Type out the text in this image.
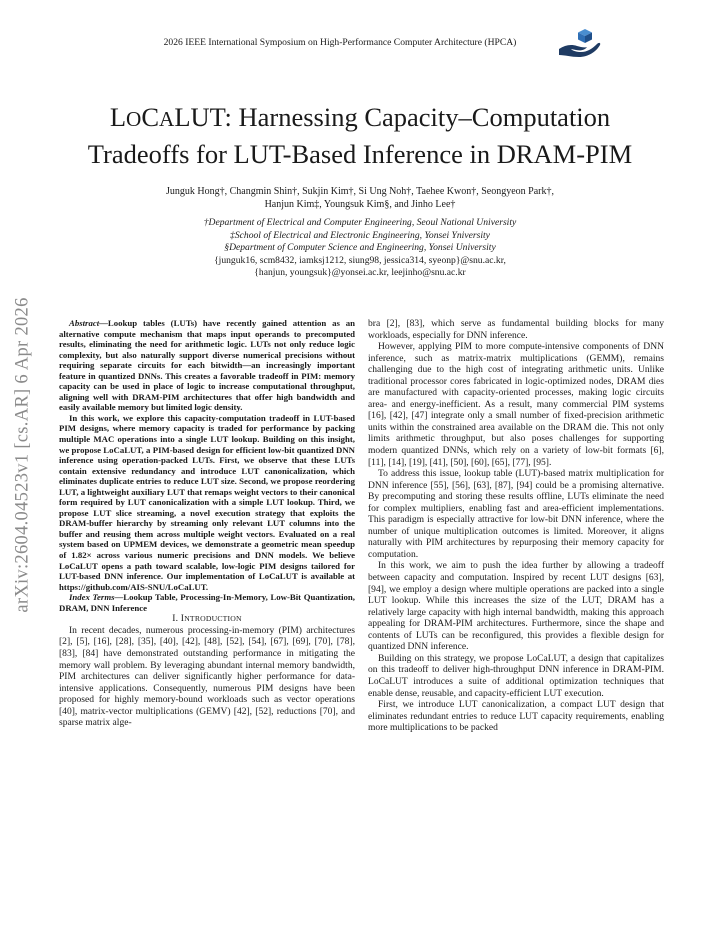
2026 IEEE International Symposium on High-Performance Computer Architecture (HPCA)
LOCALUT: Harnessing Capacity–Computation
Tradeoffs for LUT-Based Inference in DRAM-PIM
Junguk Hong†, Changmin Shin†, Sukjin Kim†, Si Ung Noh†, Taehee Kwon†, Seongyeon Park†,
Hanjun Kim‡, Youngsuk Kim§, and Jinho Lee†
†Department of Electrical and Computer Engineering, Seoul National University
‡School of Electrical and Electronic Engineering, Yonsei Yniversity
§Department of Computer Science and Engineering, Yonsei University
{junguk16, scm8432, iamksj1212, siung98, jessica314, syeonp}@snu.ac.kr,
{hanjun, youngsuk}@yonsei.ac.kr, leejinho@snu.ac.kr
arXiv:2604.04523v1 [cs.AR] 6 Apr 2026	Abstract—Lookup tables (LUTs) have recently gained attention as an alternative compute mechanism that maps input operands to precomputed results, eliminating the need for arithmetic logic. LUTs not only reduce logic complexity, but also naturally support diverse numerical precisions without requiring separate circuits for each bitwidth—an increasingly important feature in quantized DNNs. This creates a favorable tradeoff in PIM: memory capacity can be used in place of logic to increase computational throughput, aligning well with DRAM-PIM architectures that offer high bandwidth and easily available memory but limited logic density.

In this work, we explore this capacity-computation tradeoff in LUT-based PIM designs, where memory capacity is traded for performance by packing multiple MAC operations into a single LUT lookup. Building on this insight, we propose LoCaLUT, a PIM-based design for efficient low-bit quantized DNN inference using operation-packed LUTs. First, we observe that these LUTs contain extensive redundancy and introduce LUT canonicalization, which eliminates duplicate entries to reduce LUT size. Second, we propose reordering LUT, a lightweight auxiliary LUT that remaps weight vectors to their canonical form required by LUT canonicalization with a simple LUT lookup. Third, we propose LUT slice streaming, a novel execution strategy that exploits the DRAM-buffer hierarchy by streaming only relevant LUT columns into the buffer and reusing them across multiple weight vectors. Evaluated on a real system based on UPMEM devices, we demonstrate a geometric mean speedup of 1.82× across various numeric precisions and DNN models. We believe LoCaLUT opens a path toward scalable, low-logic PIM designs tailored for LUT-based DNN inference. Our implementation of LoCaLUT is available at https://github.com/AIS-SNU/LoCaLUT.

Index Terms—Lookup Table, Processing-In-Memory, Low-Bit Quantization, DRAM, DNN Inference

I. INTRODUCTION

In recent decades, numerous processing-in-memory (PIM) architectures [2], [5], [16], [28], [35], [40], [42], [48], [52], [54], [67], [69], [70], [78], [83], [84] have demonstrated outstanding performance in mitigating the memory wall problem. By leveraging abundant internal memory bandwidth, PIM architectures can deliver significantly higher performance for data-intensive applications. Consequently, numerous PIM designs have been proposed for highly memory-bound workloads such as vector operations [40], matrix-vector multiplications (GEMV) [42], [52], reductions [70], and sparse matrix alge-

bra [2], [83], which serve as fundamental building blocks for many workloads, especially for DNN inference.

However, applying PIM to more compute-intensive components of DNN inference, such as matrix-matrix multiplications (GEMM), remains challenging due to the high cost of integrating arithmetic units. Unlike traditional processor cores fabricated in logic-optimized nodes, DRAM dies are manufactured with capacity-oriented processes, making logic circuits area- and energy-inefficient. As a result, many commercial PIM systems [16], [42], [47] integrate only a small number of fixed-precision arithmetic units within the constrained area available on the DRAM die. This not only limits arithmetic throughput, but also poses challenges for supporting modern quantized DNNs, which rely on a variety of low-bit formats [6], [11], [14], [19], [41], [50], [60], [65], [77], [95].

To address this issue, lookup table (LUT)-based matrix multiplication for DNN inference [55], [56], [63], [87], [94] could be a promising alternative. By precomputing and storing these results offline, LUTs eliminate the need for complex multipliers, enabling fast and area-efficient implementations. This paradigm is especially attractive for low-bit DNN inference, where the number of unique multiplication outcomes is limited. Moreover, it aligns naturally with PIM architectures by repurposing their memory capacity for computation.

In this work, we aim to push the idea further by allowing a tradeoff between capacity and computation. Inspired by recent LUT designs [63], [94], we employ a design where multiple operations are packed into a single LUT lookup. While this increases the size of the LUT, DRAM has a relatively large capacity with high internal bandwidth, making this approach appealing for DRAM-PIM architectures. Furthermore, since the shape and contents of LUTs can be reconfigured, this provides a flexible design for quantized DNN inference.

Building on this strategy, we propose LoCaLUT, a design that capitalizes on this tradeoff to deliver high-throughput DNN inference in DRAM-PIM. LoCaLUT introduces a suite of additional optimization techniques that enable dense, reusable, and capacity-efficient LUT execution.

First, we introduce LUT canonicalization, a compact LUT design that eliminates redundant entries to reduce LUT capacity requirements, enabling more multiplications to be packed
